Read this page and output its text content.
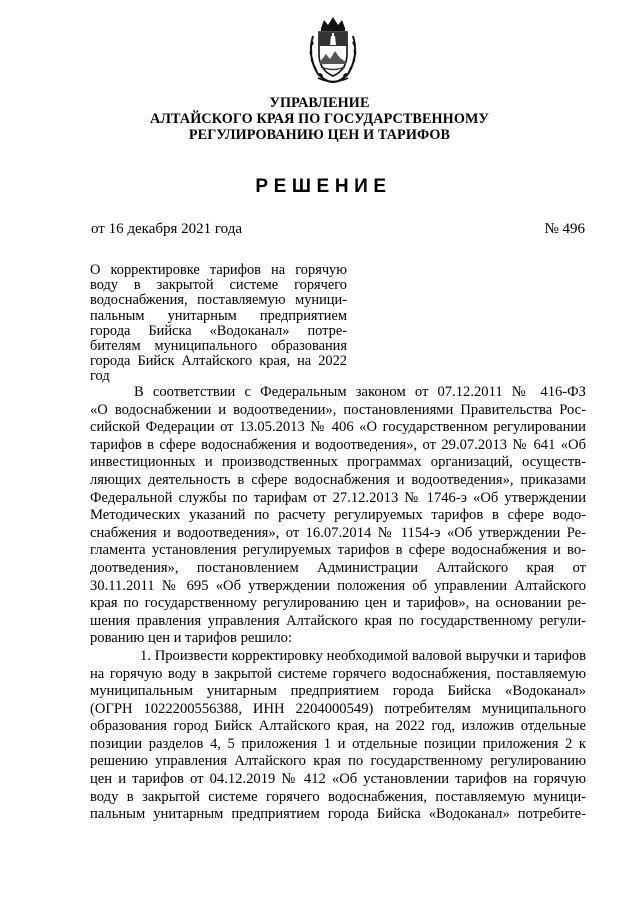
УПРАВЛЕНИЕ
АЛТАЙСКОГО КРАЯ ПО ГОСУДАРСТВЕННОМУ
РЕГУЛИРОВАНИЮ ЦЕН И ТАРИФОВ
РЕШЕНИЕ
от 16 декабря 2021 года	№ 496
О корректировке тарифов на горячую
воду в закрытой системе горячего
водоснабжения, поставляемую муници-
пальным унитарным предприятием
города Бийска «Водоканал» потре-
бителям муниципального образования
города Бийск Алтайского края, на 2022
год
В соответствии с Федеральным законом от 07.12.2011 № 416-ФЗ
«О водоснабжении и водоотведении», постановлениями Правительства Рос-
сийской Федерации от 13.05.2013 № 406 «О государственном регулировании
тарифов в сфере водоснабжения и водоотведения», от 29.07.2013 № 641 «Об
инвестиционных и производственных программах организаций, осуществ-
ляющих деятельность в сфере водоснабжения и водоотведения», приказами
Федеральной службы по тарифам от 27.12.2013 № 1746-э «Об утверждении
Методических указаний по расчету регулируемых тарифов в сфере водо-
снабжения и водоотведения», от 16.07.2014 № 1154-э «Об утверждении Ре-
гламента установления регулируемых тарифов в сфере водоснабжения и во-
доотведения», постановлением Администрации Алтайского края от
30.11.2011 № 695 «Об утверждении положения об управлении Алтайского
края по государственному регулированию цен и тарифов», на основании ре-
шения правления управления Алтайского края по государственному регули-
рованию цен и тарифов решило:
1. Произвести корректировку необходимой валовой выручки и тарифов
на горячую воду в закрытой системе горячего водоснабжения, поставляемую
муниципальным унитарным предприятием города Бийска «Водоканал»
(ОГРН 1022200556388, ИНН 2204000549) потребителям муниципального
образования город Бийск Алтайского края, на 2022 год, изложив отдельные
позиции разделов 4, 5 приложения 1 и отдельные позиции приложения 2 к
решению управления Алтайского края по государственному регулированию
цен и тарифов от 04.12.2019 № 412 «Об установлении тарифов на горячую
воду в закрытой системе горячего водоснабжения, поставляемую муници-
пальным унитарным предприятием города Бийска «Водоканал» потребите-
